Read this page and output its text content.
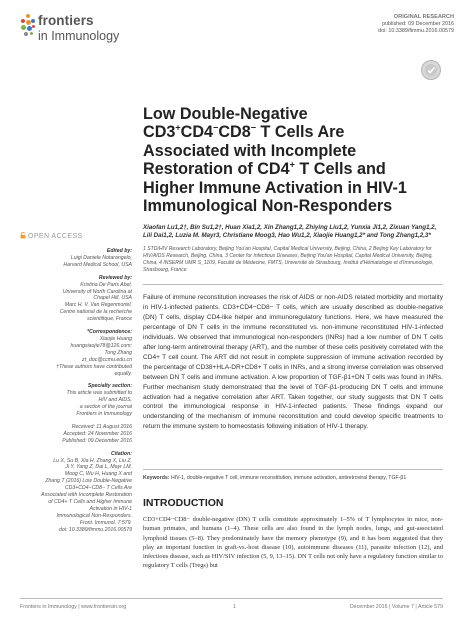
frontiers
in Immunology
ORIGINAL RESEARCH
published: 09 December 2016
doi: 10.3389/fimmu.2016.00579
Low Double-Negative
CD3+CD4−CD8− T Cells Are
Associated with Incomplete
Restoration of CD4+ T Cells and
Higher Immune Activation in HIV-1
Immunological Non-Responders
Xiaofan Lu1,2†, Bin Su1,2†, Huan Xia1,2, Xin Zhang1,2, Zhiying Liu1,2, Yunxia Ji1,2, Zixuan Yang1,2, Lili Dai1,2, Luzia M. Mayr3, Christiane Moog3, Hao Wu1,2, Xiaojie Huang1,2* and Tong Zhang1,2,3*
1 STD/HIV Research Laboratory, Beijing You'an Hospital, Capital Medical University, Beijing, China, 2 Beijing Key Laboratory for HIV/AIDS Research, Beijing, China, 3 Center for Infectious Diseases, Beijing You'an Hospital, Capital Medical University, Beijing, China, 4 INSERM UMR S_1109, Faculté de Médecine, FMTS, Université de Strasbourg, Institut d'Hématologie et d'Immunologie, Strasbourg, France
Failure of immune reconstitution increases the risk of AIDS or non-AIDS related morbidity and mortality in HIV-1-infected patients. CD3+CD4−CD8− T cells, which are usually described as double-negative (DN) T cells, display CD4-like helper and immunoregulatory functions. Here, we have measured the percentage of DN T cells in the immune reconstituted vs. non-immune reconstituted HIV-1-infected individuals. We observed that immunological non-responders (INRs) had a low number of DN T cells after long-term antiretroviral therapy (ART), and the number of these cells positively correlated with the CD4+ T cell count. The ART did not result in complete suppression of immune activation recorded by the percentage of CD38+HLA-DR+CD8+ T cells in INRs, and a strong inverse correlation was observed between DN T cells and immune activation. A low proportion of TGF-β1+DN T cells was found in INRs. Further mechanism study demonstrated that the level of TGF-β1-producing DN T cells and immune activation had a negative correlation after ART. Taken together, our study suggests that DN T cells control the immunological response in HIV-1-infected patients. These findings expand our understanding of the mechanism of immune reconstitution and could develop specific treatments to return the immune system to homeostasis following initiation of HIV-1 therapy.
Keywords: HIV-1, double-negative T cell, immune reconstitution, immune activation, antiretroviral therapy, TGF-β1
INTRODUCTION
CD3+CD4−CD8− double-negative (DN) T cells constitute approximately 1–5% of T lymphocytes in mice, non-human primates, and humans (1–4). These cells are also found in the lymph nodes, lungs, and gut-associated lymphoid tissues (5–8). They predominately have the memory phenotype (9), and it has been suggested that they play an important function in graft-vs.-host disease (10), autoimmune diseases (11), parasite infection (12), and infectious disease, such as HIV/SIV infection (5, 9, 13–15). DN T cells not only have a regulatory function similar to regulatory T cells (Tregs) but
OPEN ACCESS
Edited by:
Luigi Daniele Notarangelo,
Harvard Medical School, USA
Reviewed by:
Kristina De Paris Abel,
University of North Carolina at
Chapel Hill, USA
Marc H. V. Van Regenmortel,
Centre national de la recherche
scientifique, France
*Correspondence:
Xiaojie Huang
huangxiaojie78@126.com;
Tong Zhang
zt_doc@ccmu.edu.cn
†These authors have contributed
equally.
Specialty section:
This article was submitted to
HIV and AIDS,
a section of the journal
Frontiers in Immunology
Received: 11 August 2016
Accepted: 24 November 2016
Published: 09 December 2016
Citation:
Lu X, Su B, Xia H, Zhang X, Liu Z,
Ji Y, Yang Z, Dai L, Mayr LM,
Moog C, Wu H, Huang X and
Zhang T (2016) Low Double-Negative
CD3+CD4−CD8− T Cells Are
Associated with Incomplete Restoration
of CD4+ T Cells and Higher Immune
Activation in HIV-1
Immunological Non-Responders.
Front. Immunol. 7:579.
doi: 10.3389/fimmu.2016.00579
Frontiers in Immunology | www.frontiersin.org	1	December 2016 | Volume 7 | Article 579
